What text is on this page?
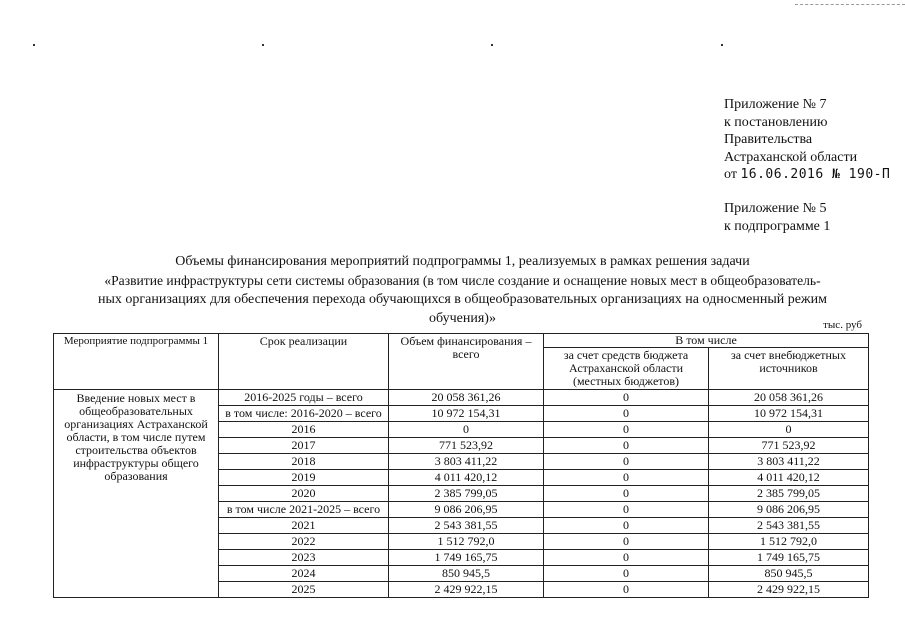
Приложение № 7
к постановлению
Правительства
Астраханской области
от 16.06.2016 № 190-П
Приложение № 5
к подпрограмме 1
Объемы финансирования мероприятий подпрограммы 1, реализуемых в рамках решения задачи
«Развитие инфраструктуры сети системы образования (в том числе создание и оснащение новых мест в общеобразователь-
ных организациях для обеспечения перехода обучающихся в общеобразовательных организациях на односменный режим
обучения)»	тыс. руб
Мероприятие подпрограммы 1	Срок реализации	Объем финансирования – всего	В том числе	
			за счет средств бюджета Астраханской области (местных бюджетов)	за счет внебюджетных источников
Введение новых мест в общеобразовательных организациях Астраханской области, в том числе путем строительства объектов инфраструктуры общего образования	2016-2025 годы – всего	20 058 361,26	0	20 058 361,26
	в том числе: 2016-2020 – всего	10 972 154,31	0	10 972 154,31
	2016	0	0	0
	2017	771 523,92	0	771 523,92
	2018	3 803 411,22	0	3 803 411,22
	2019	4 011 420,12	0	4 011 420,12
	2020	2 385 799,05	0	2 385 799,05
	в том числе 2021-2025 – всего	9 086 206,95	0	9 086 206,95
	2021	2 543 381,55	0	2 543 381,55
	2022	1 512 792,0	0	1 512 792,0
	2023	1 749 165,75	0	1 749 165,75
	2024	850 945,5	0	850 945,5
	2025	2 429 922,15	0	2 429 922,15
